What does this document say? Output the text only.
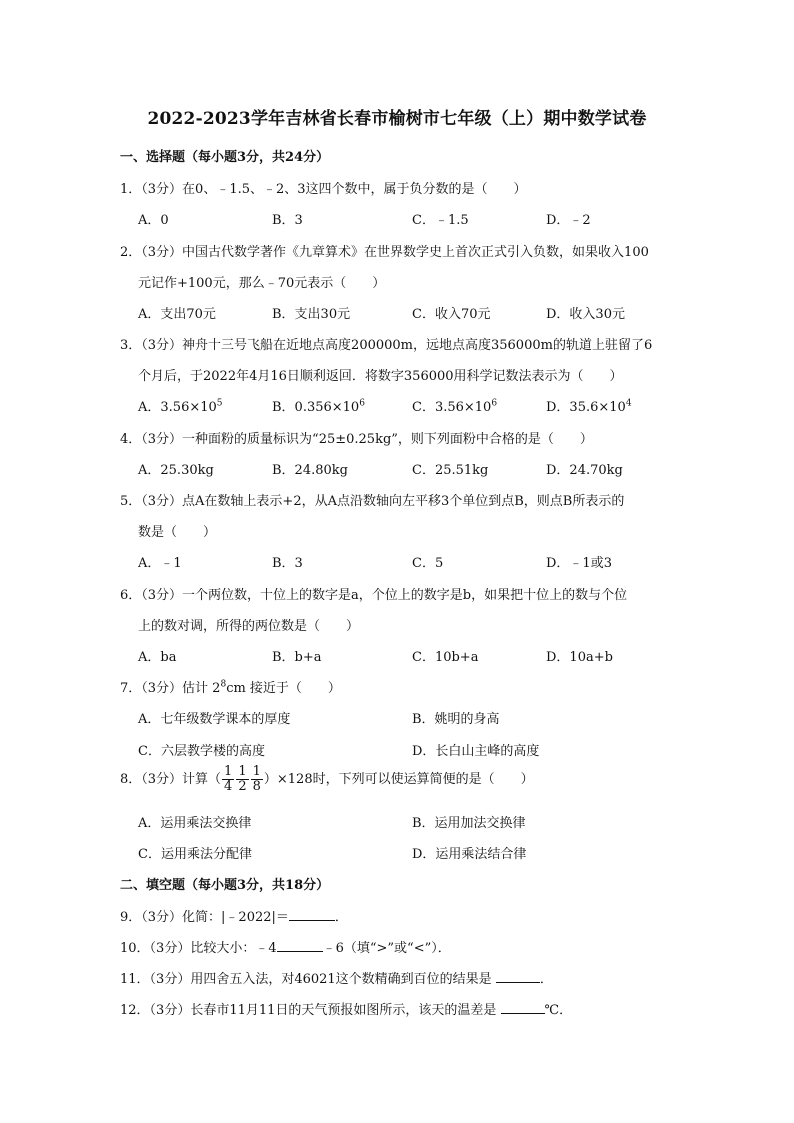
2022-2023学年吉林省长春市榆树市七年级（上）期中数学试卷
一、选择题（每小题3分，共24分）
1．（3分）在0、﹣1.5、﹣2、3这四个数中，属于负分数的是（　　）
A．0	B．3	C．﹣1.5	D．﹣2
2．（3分）中国古代数学著作《九章算术》在世界数学史上首次正式引入负数，如果收入100
元记作+100元，那么﹣70元表示（　　）
A．支出70元	B．支出30元	C．收入70元	D．收入30元
3．（3分）神舟十三号飞船在近地点高度200000m，远地点高度356000m的轨道上驻留了6
个月后，于2022年4月16日顺利返回．将数字356000用科学记数法表示为（　　）
A．$3.56\times 10^5$	B．$0.356\times 10^6$	C．$3.56\times 10^6$	D．$35.6\times 10^4$
4．（3分）一种面粉的质量标识为“25±0.25kg”，则下列面粉中合格的是（　　）
A．25.30kg	B．24.80kg	C．25.51kg	D．24.70kg
5．（3分）点A在数轴上表示+2，从A点沿数轴向左平移3个单位到点B，则点B所表示的
数是（　　）
A．﹣1	B．3	C．5	D．﹣1或3
6．（3分）一个两位数，十位上的数字是a，个位上的数字是b，如果把十位上的数与个位
上的数对调，所得的两位数是（　　）
A．ba	B．b+a	C．10b+a	D．10a+b
7．（3分）估计 $2^8cm$ 接近于（　　）
A．七年级数学课本的厚度	B．姚明的身高
C．六层教学楼的高度	D．长白山主峰的高度
8．（3分）计算（ $\frac{1}{4} \frac{1}{2} \frac{1}{8} )\times 128$时，下列可以使运算简便的是（　　）
A．运用乘法交换律	B．运用加法交换律
C．运用乘法分配律	D．运用乘法结合律
二、填空题（每小题3分，共18分）
9．（3分）化简：|﹣2022|＝	．
10．（3分）比较大小：﹣4	﹣6（填“>”或“<”）．
11．（3分）用四舍五入法，对46021这个数精确到百位的结果是	．
12．（3分）长春市11月11日的天气预报如图所示，该天的温差是	℃．
